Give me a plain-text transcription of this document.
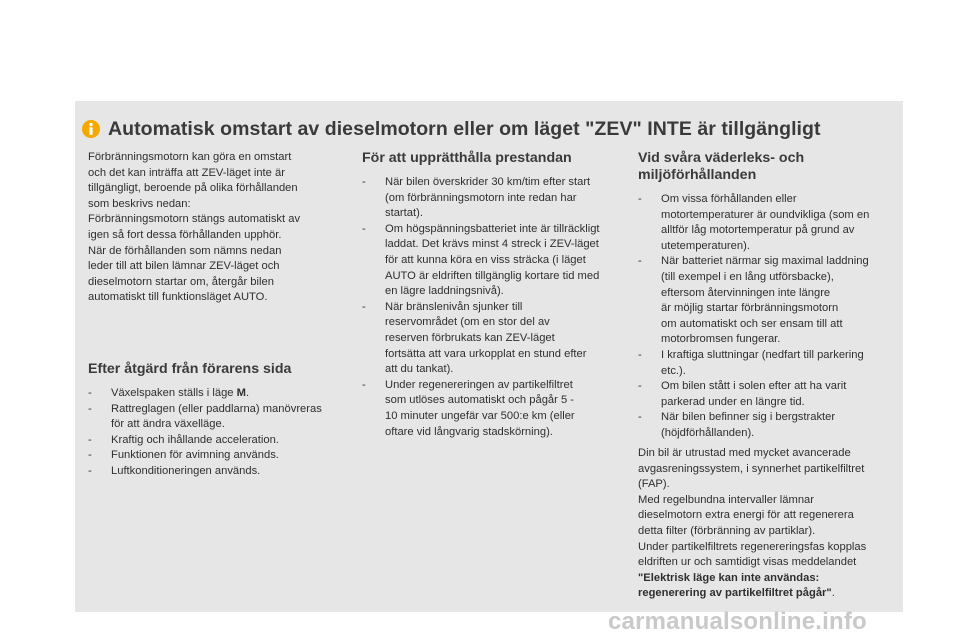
Automatisk omstart av dieselmotorn eller om läget "ZEV" INTE är tillgängligt
Förbränningsmotorn kan göra en omstart
och det kan inträffa att ZEV-läget inte är
tillgängligt, beroende på olika förhållanden
som beskrivs nedan:
Förbränningsmotorn stängs automatiskt av
igen så fort dessa förhållanden upphör.
När de förhållanden som nämns nedan
leder till att bilen lämnar ZEV-läget och
dieselmotorn startar om, återgår bilen
automatiskt till funktionsläget AUTO.
Efter åtgärd från förarens sida
- Växelspaken ställs i läge M.
- Rattreglagen (eller paddlarna) manövreras
för att ändra växelläge.
- Kraftig och ihållande acceleration.
- Funktionen för avimning används.
- Luftkonditioneringen används.
För att upprätthålla prestandan
- När bilen överskrider 30 km/tim efter start
(om förbränningsmotorn inte redan har
startat).
- Om högspänningsbatteriet inte är tillräckligt
laddat. Det krävs minst 4 streck i ZEV-läget
för att kunna köra en viss sträcka (i läget
AUTO är eldriften tillgänglig kortare tid med
en lägre laddningsnivå).
- När bränslenivån sjunker till
reservområdet (om en stor del av
reserven förbrukats kan ZEV-läget
fortsätta att vara urkopplat en stund efter
att du tankat).
- Under regenereringen av partikelfiltret
som utlöses automatiskt och pågår 5 -
10 minuter ungefär var 500:e km (eller
oftare vid långvarig stadskörning).
Vid svåra väderleks- och
miljöförhållanden
- Om vissa förhållanden eller
motortemperaturer är oundvikliga (som en
alltför låg motortemperatur på grund av
utetemperaturen).
- När batteriet närmar sig maximal laddning
(till exempel i en lång utförsbacke),
eftersom återvinningen inte längre
är möjlig startar förbränningsmotorn
om automatiskt och ser ensam till att
motorbromsen fungerar.
- I kraftiga sluttningar (nedfart till parkering
etc.).
- Om bilen stått i solen efter att ha varit
parkerad under en längre tid.
- När bilen befinner sig i bergstrakter
(höjdförhållanden).
Din bil är utrustad med mycket avancerade
avgasreningssystem, i synnerhet partikelfiltret
(FAP).
Med regelbundna intervaller lämnar
dieselmotorn extra energi för att regenerera
detta filter (förbränning av partiklar).
Under partikelfiltrets regenereringsfas kopplas
eldriften ur och samtidigt visas meddelandet
"Elektrisk läge kan inte användas:
regenerering av partikelfiltret pågår".
carmanualsonline.info
